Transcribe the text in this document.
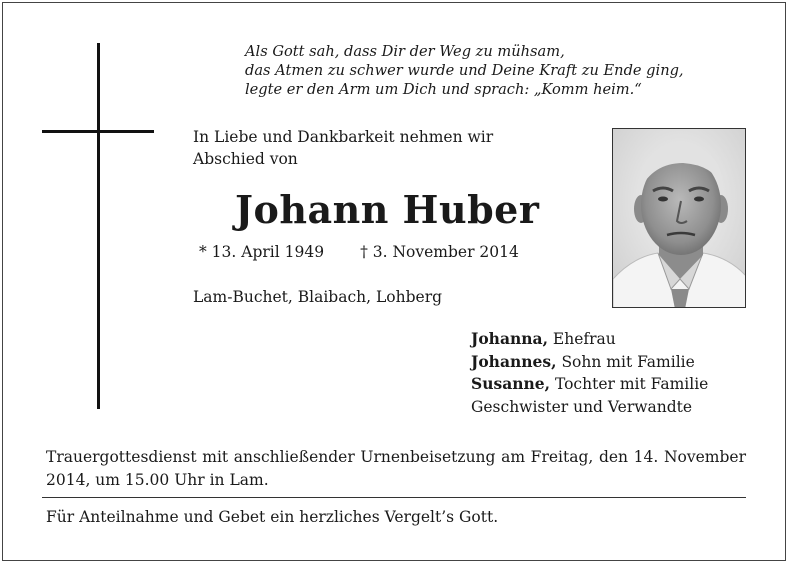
Als Gott sah, dass Dir der Weg zu mühsam,
das Atmen zu schwer wurde und Deine Kraft zu Ende ging,
legte er den Arm um Dich und sprach: „Komm heim.“
In Liebe und Dankbarkeit nehmen wir
Abschied von
Johann Huber
* 13. April 1949 † 3. November 2014
Lam-Buchet, Blaibach, Lohberg
Johanna, Ehefrau
Johannes, Sohn mit Familie
Susanne, Tochter mit Familie
Geschwister und Verwandte
Trauergottesdienst mit anschließender Urnenbeisetzung am Freitag, den 14. November 2014, um 15.00 Uhr in Lam.
Für Anteilnahme und Gebet ein herzliches Vergelt’s Gott.
